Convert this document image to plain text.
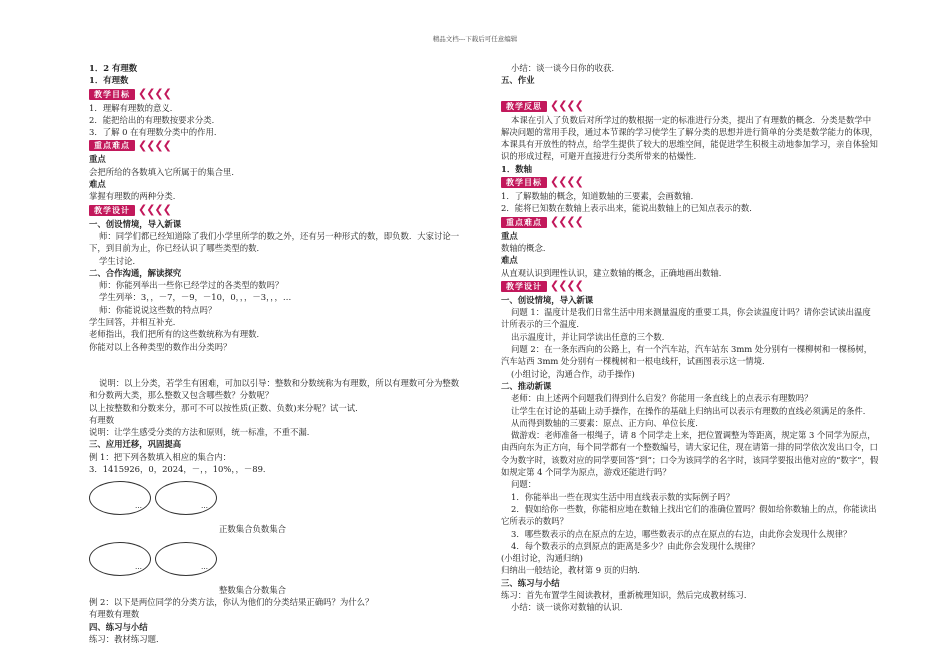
精品文档---下载后可任意编辑

1．2 有理数

1．有理数

教学目标 ❮❮❮❮

1．理解有理数的意义．

2．能把给出的有理数按要求分类．

3．了解 0 在有理数分类中的作用．

重点难点 ❮❮❮❮

重点

会把所给的各数填入它所属于的集合里．

难点

掌握有理数的两种分类．

教学设计 ❮❮❮❮

一、创设情境，导入新课

师：同学们都已经知道除了我们小学里所学的数之外，还有另一种形式的数，即负数．大家讨论一下，到目前为止，你已经认识了哪些类型的数．

学生讨论．

二、合作沟通，解读探究

师：你能列举出一些你已经学过的各类型的数吗？

学生列举：3，，－7，－9，－10，0，，，－3，，，…

师：你能说说这些数的特点吗？

学生回答，并相互补充．

老师指出，我们把所有的这些数统称为有理数．

你能对以上各种类型的数作出分类吗？

说明：以上分类，若学生有困难，可加以引导：整数和分数统称为有理数，所以有理数可分为整数和分数两大类，那么整数又包含哪些数？分数呢？

以上按整数和分数来分，那可不可以按性质(正数、负数)来分呢？试一试．

有理数

说明：让学生感受分类的方法和原则，统一标准，不重不漏．

三、应用迁移，巩固提高

例 1：把下列各数填入相应的集合内：

3．1415926，0，2024，－，，10%，，－89．

…	…

正数集合负数集合

…	…

整数集合分数集合

例 2：以下是两位同学的分类方法，你认为他们的分类结果正确吗？为什么？

有理数有理数

四、练习与小结

练习：教材练习题．

小结：谈一谈今日你的收获．

五、作业

教学反思 ❮❮❮❮

本课在引入了负数后对所学过的数根据一定的标准进行分类，提出了有理数的概念．分类是数学中解决问题的常用手段，通过本节课的学习使学生了解分类的思想并进行简单的分类是数学能力的体现，本课具有开放性的特点，给学生提供了较大的思维空间，能促进学生积极主动地参加学习，亲自体验知识的形成过程，可避开直接进行分类所带来的枯燥性．

1．数轴

教学目标 ❮❮❮❮

1．了解数轴的概念，知道数轴的三要素，会画数轴．

2．能将已知数在数轴上表示出来，能说出数轴上的已知点表示的数．

重点难点 ❮❮❮❮

重点

数轴的概念．

难点

从直观认识到理性认识，建立数轴的概念，正确地画出数轴．

教学设计 ❮❮❮❮

一、创设情境，导入新课

问题 1：温度计是我们日常生活中用来测量温度的重要工具，你会读温度计吗？请你尝试读出温度计所表示的三个温度．

出示温度计，并让同学读出任意的三个数．

问题 2：在一条东西向的公路上，有一个汽车站，汽车站东 3mm 处分别有一棵柳树和一棵杨树，汽车站西 3mm 处分别有一棵槐树和一根电线杆，试画图表示这一情境．

(小组讨论，沟通合作，动手操作)

二、推动新课

老师：由上述两个问题我们得到什么启发？你能用一条直线上的点表示有理数吗？

让学生在讨论的基础上动手操作，在操作的基础上归纳出可以表示有理数的直线必须满足的条件．

从而得到数轴的三要素：原点、正方向、单位长度．

做游戏：老师准备一根绳子，请 8 个同学走上来，把位置调整为等距离，规定第 3 个同学为原点，由西向东为正方向，每个同学都有一个整数编号，请大家记住，现在请第一排的同学依次发出口令，口令为数字时，该数对应的同学要回答“到”；口令为该同学的名字时，该同学要报出他对应的“数字”，假如规定第 4 个同学为原点，游戏还能进行吗？

问题：

1．你能举出一些在现实生活中用直线表示数的实际例子吗？

2．假如给你一些数，你能相应地在数轴上找出它们的准确位置吗？假如给你数轴上的点，你能读出它所表示的数吗？

3．哪些数表示的点在原点的左边，哪些数表示的点在原点的右边，由此你会发现什么规律？

4．每个数表示的点到原点的距离是多少？由此你会发现什么规律？

(小组讨论，沟通归纳)

归纳出一般结论，教材第 9 页的归纳．

三、练习与小结

练习：首先布置学生阅读教材，重新梳理知识，然后完成教材练习．

小结：谈一谈你对数轴的认识．
